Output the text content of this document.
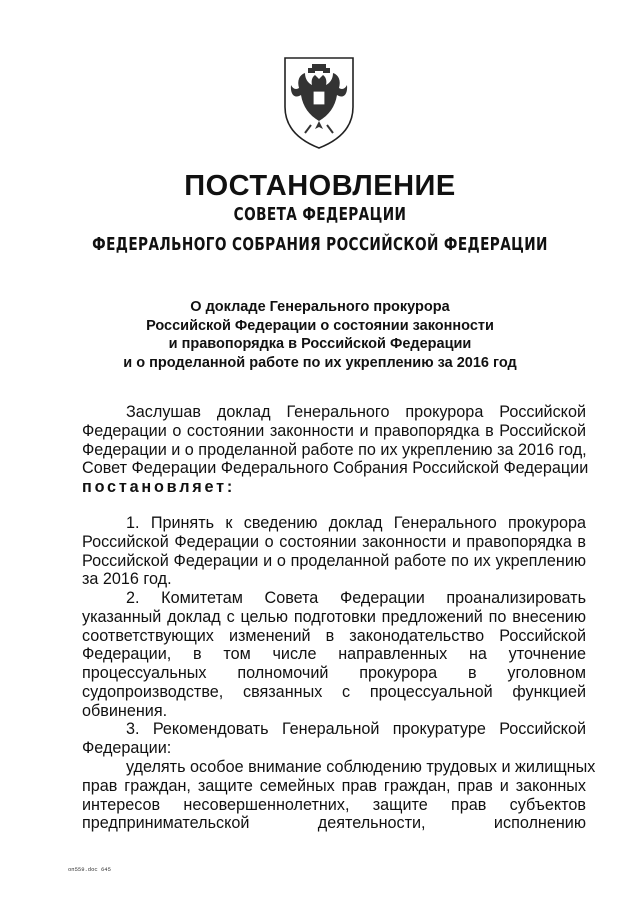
ПОСТАНОВЛЕНИЕ
СОВЕТА ФЕДЕРАЦИИ
ФЕДЕРАЛЬНОГО СОБРАНИЯ РОССИЙСКОЙ ФЕДЕРАЦИИ
О докладе Генерального прокурора
Российской Федерации о состоянии законности
и правопорядка в Российской Федерации
и о проделанной работе по их укреплению за 2016 год
Заслушав доклад Генерального прокурора Российской
Федерации о состоянии законности и правопорядка в Российской
Федерации и о проделанной работе по их укреплению за 2016 год,
Совет Федерации Федерального Собрания Российской Федерации
постановляет:
1. Принять к сведению доклад Генерального прокурора
Российской Федерации о состоянии законности и правопорядка в
Российской Федерации и о проделанной работе по их укреплению
за 2016 год.
2. Комитетам Совета Федерации проанализировать
указанный доклад с целью подготовки предложений по внесению
соответствующих изменений в законодательство Российской
Федерации, в том числе направленных на уточнение
процессуальных полномочий прокурора в уголовном
судопроизводстве, связанных с процессуальной функцией
обвинения.
3. Рекомендовать Генеральной прокуратуре Российской
Федерации:
уделять особое внимание соблюдению трудовых и жилищных
прав граждан, защите семейных прав граждан, прав и законных
интересов несовершеннолетних, защите прав субъектов
предпринимательской деятельности, исполнению
оп559.doc 645
